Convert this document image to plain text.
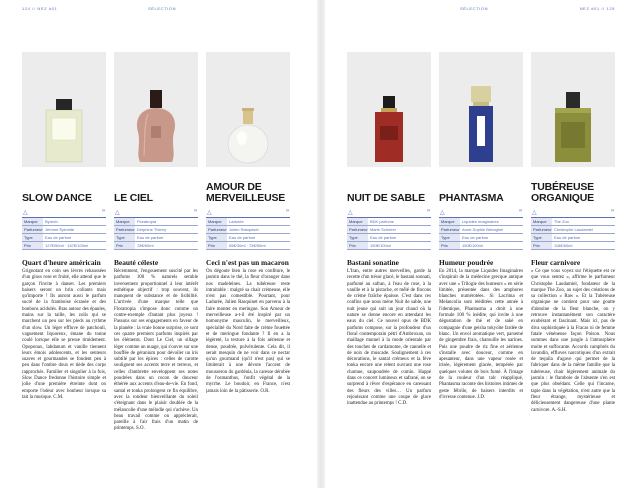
124 // NEZ #01	SÉLECTION	SÉLECTION	NEZ #01 // 125
SLOW DANCE
△	”
Marque	Byredo
Parfumeur	Jérôme Épinette
Type	Eau de parfum
Prix	127€/50ml · 167€/100ml
Quart d'heure américain
Grignotant en coin ses lèvres rehaussées d'un gloss rose et fruité, elle attend que le garçon l'invite à danser. Les premiers baisers seront un brin collants mais qu'importe ! Ils auront aussi le parfum sucré de la framboise écrasée et des bonbons acidulés. Bras autour des épaules, mains sur la taille, les zolis qui se marchent un peu sur les pieds au rythme d'un slow. Un léger effluve de patchouli, vaguement liquoreux, émane du tonne coulé lorsque elle se presse timidement. Opoponax, labdanum et vanille tiennent leurs émois adolescents, et les senteurs suaves et gourmandes se fondent peu à peu dans l'ombre doux et tiède des corps rapprochés. Familier et singulier à la fois, Slow Dance fredonne l'histoire simple et jolie d'une première étreinte dont on emporte l'odeur avec bonheur lorsque sa tait la musique. C.M.
LE CIEL
△	”
Marque	Floratropia
Parfumeur	Delphine Thierry
Type	Eau de parfum
Prix	78€/60ml
Beauté céleste
Récemment, l'engouement suscité par les parfums 100 % naturels semble inversement proportionnel à leur intérêt esthétique objectif : trop souvent, ils manquent de substance et de lisibilité. L'arrivée d'une marque telle que Floratropia s'impose donc comme un contre-exemple d'autant plus joyeux ! Passons sur ses engagements en faveur de la planète : la vraie bonne surprise, ce sont ces quatre premiers parfums inspirés par les éléments. Dont Le Ciel, un sillage léger comme un nuage, qui s'ouvre sur une bouffée de géranium pour dévoiler un iris subtilé par les épices : celles de carotte soulignent ses accents terre et terreux, et celles d'ambrette enveloppent ses notes poudrées dans un cocon de douceur éthérée aux accents d'eau-de-vie. En fond, santal et tonka prolongent ce fin équilibre, avec la rondeur bienveillante du soleil s'éteignant dans le plaisir doublée de la mélancolie d'une mélodie qui s'achève. Un beau travail comme on apprécierait, pareille à l'air frais d'un matin de printemps. S.O.
AMOUR DE MERVEILLEUSE
△	”
Marque	Ladurée
Parfumeur	Julien Rasquinet
Type	Eau de parfum
Prix	55€/30ml · 75€/50ml
Ceci n'est pas un macaron
On dégoute bien la rose en confiture, le jasmin dans le thé, la fleur d'oranger dans nos madeleines. La tubéreuse reste intraitable : malgré sa chair crémeuse, elle n'est pas comestible. Pourtant, pour Ladurée, Julien Rasquinet en parvenu à la faire monter en meringue. Son Amour de merveilleuse a-t-il été inspiré par un homonyme masculin, le merveilleux, spécialité du Nord faite de crème fouettée et de meringue fondante ? Il en a la légèreté, la texture à la fois aérienne et dense, poudrée, pulvérulente. Cela dit, il serait mesquin de ne voir dans ce nectar qu'un gourmand (qu'il n'est pas) qui se limiterait à une dévote l'accent de mousseron du gardénia, la caresse dérobée de l'osmanthus, l'onfit végétal de la myrrhe. Le boudoir, en France, n'est jamais loin de la pâtisserie. O.R.
NUIT DE SABLE
△	”
Marque	BDK parfums
Parfumeur	Marie Schnirer
Type	Eau de parfum
Prix	150€/100ml
Bastani sonatine
L'Iran, entre autres merveilles, garde la recette d'un trésor glacé, le bastani sonnati, parfumé au safran, à l'eau de rose, à la vanille et à la pistache, et mêlé de flocons de crème fraîche épaisse. C'est dans ces confins que nous mène Nuit de sable, une nuit jeune qui suit un jour chaud où la nature se donne encore en attendant les eaux du ciel. Ce nouvel opus de BDK parfums compose, sur la profondeur d'un floral contemporain pétri d'Ambroxan, un maillage mutuel à la mode orientale par des touches de cardamome, de cannelle et de noix de muscade. Soulignement à ces décorations, le santal crémeux et la fève tonka encore une relent ouvrant une rose charnue, saupoudrée de cumin. Happé dans ce concert lumineux et safrané, on se surprend à rêver d'espérance en caressant des fleurs des villes… Un parfum rejouissant comme une coupe de glace inattendue au printemps ! C.D.
PHANTASMA
△	”
Marque	Liquides Imaginaires
Parfumeur	Anne-Sophie Behaghel
Type	Eau de parfum
Prix	150€/100ml
Humeur poudrée
En 2014, la marque Liquides Imaginaires s'inspirait de la médecine grecque antique avec une « Trilogie des humeurs » en série limitée, présentée dans des amphores blanches numérotées. Si Lacrima et Melancolia sont rééditées cette année à l'identique, Phantasma a droit à une formule 100 % inédite, qui invite à une dégustation de thé et de saké en compagnie d'une geisha tokyoïte fardée de blanc. Un envol aromatique vert, parsemé de gingembre frais, chatouille les narines. Puis une poudre de riz fine et aérienne s'installe avec douceur, comme en apesanteur, dans une vapeur rosée et irisée, légèrement glacée, tempérée par quelques volutes de bois fumé. À l'image de la couleur d'un talc réappliqué, Phantasma raconte des histoires intimes de geste fébrile, de baisers interdits et d'ivresse contenue. J.D.
TUBÉREUSE ORGANIQUE
△	”
Marque	The Zoo
Parfumeur	Christophe Laudamiel
Type	Eau de parfum
Prix	118€/60ml
Fleur carnivore
« Ce que vous voyez sur l'étiquette est ce que vous sentez », affirme le parfumeur Christophe Laudamiel, fondateur de la marque The Zoo, au sujet des créations de sa collection « Raw ». Et la Tubéreuse organique ne contient pour une goutte d'absolue de la fleur blanche, on y retrouve instantanément son caractère exubérant et fascinant. Mais ici, pas de diva sophistiquée à la Fracas ni de femme fatale vénéneuse façon Poison. Nous sommes dans une jungle à l'atmosphère moite et suffocante. Accords camphrés du lavandin, effluves narcotiques d'un extrait de tequila d'agave qui permet de la fabriquer dans de la même famille que la tubéreuse, chair légèrement animale du jasmin : le flamboie de l'absente s'en est que plus obsédant. Celle qui l'incarne, tapie dans la végétation, n'est autre que la fleur étrange, mystérieuse et délicieusement dangereuse d'une plante carnivore. A.-S.H.
